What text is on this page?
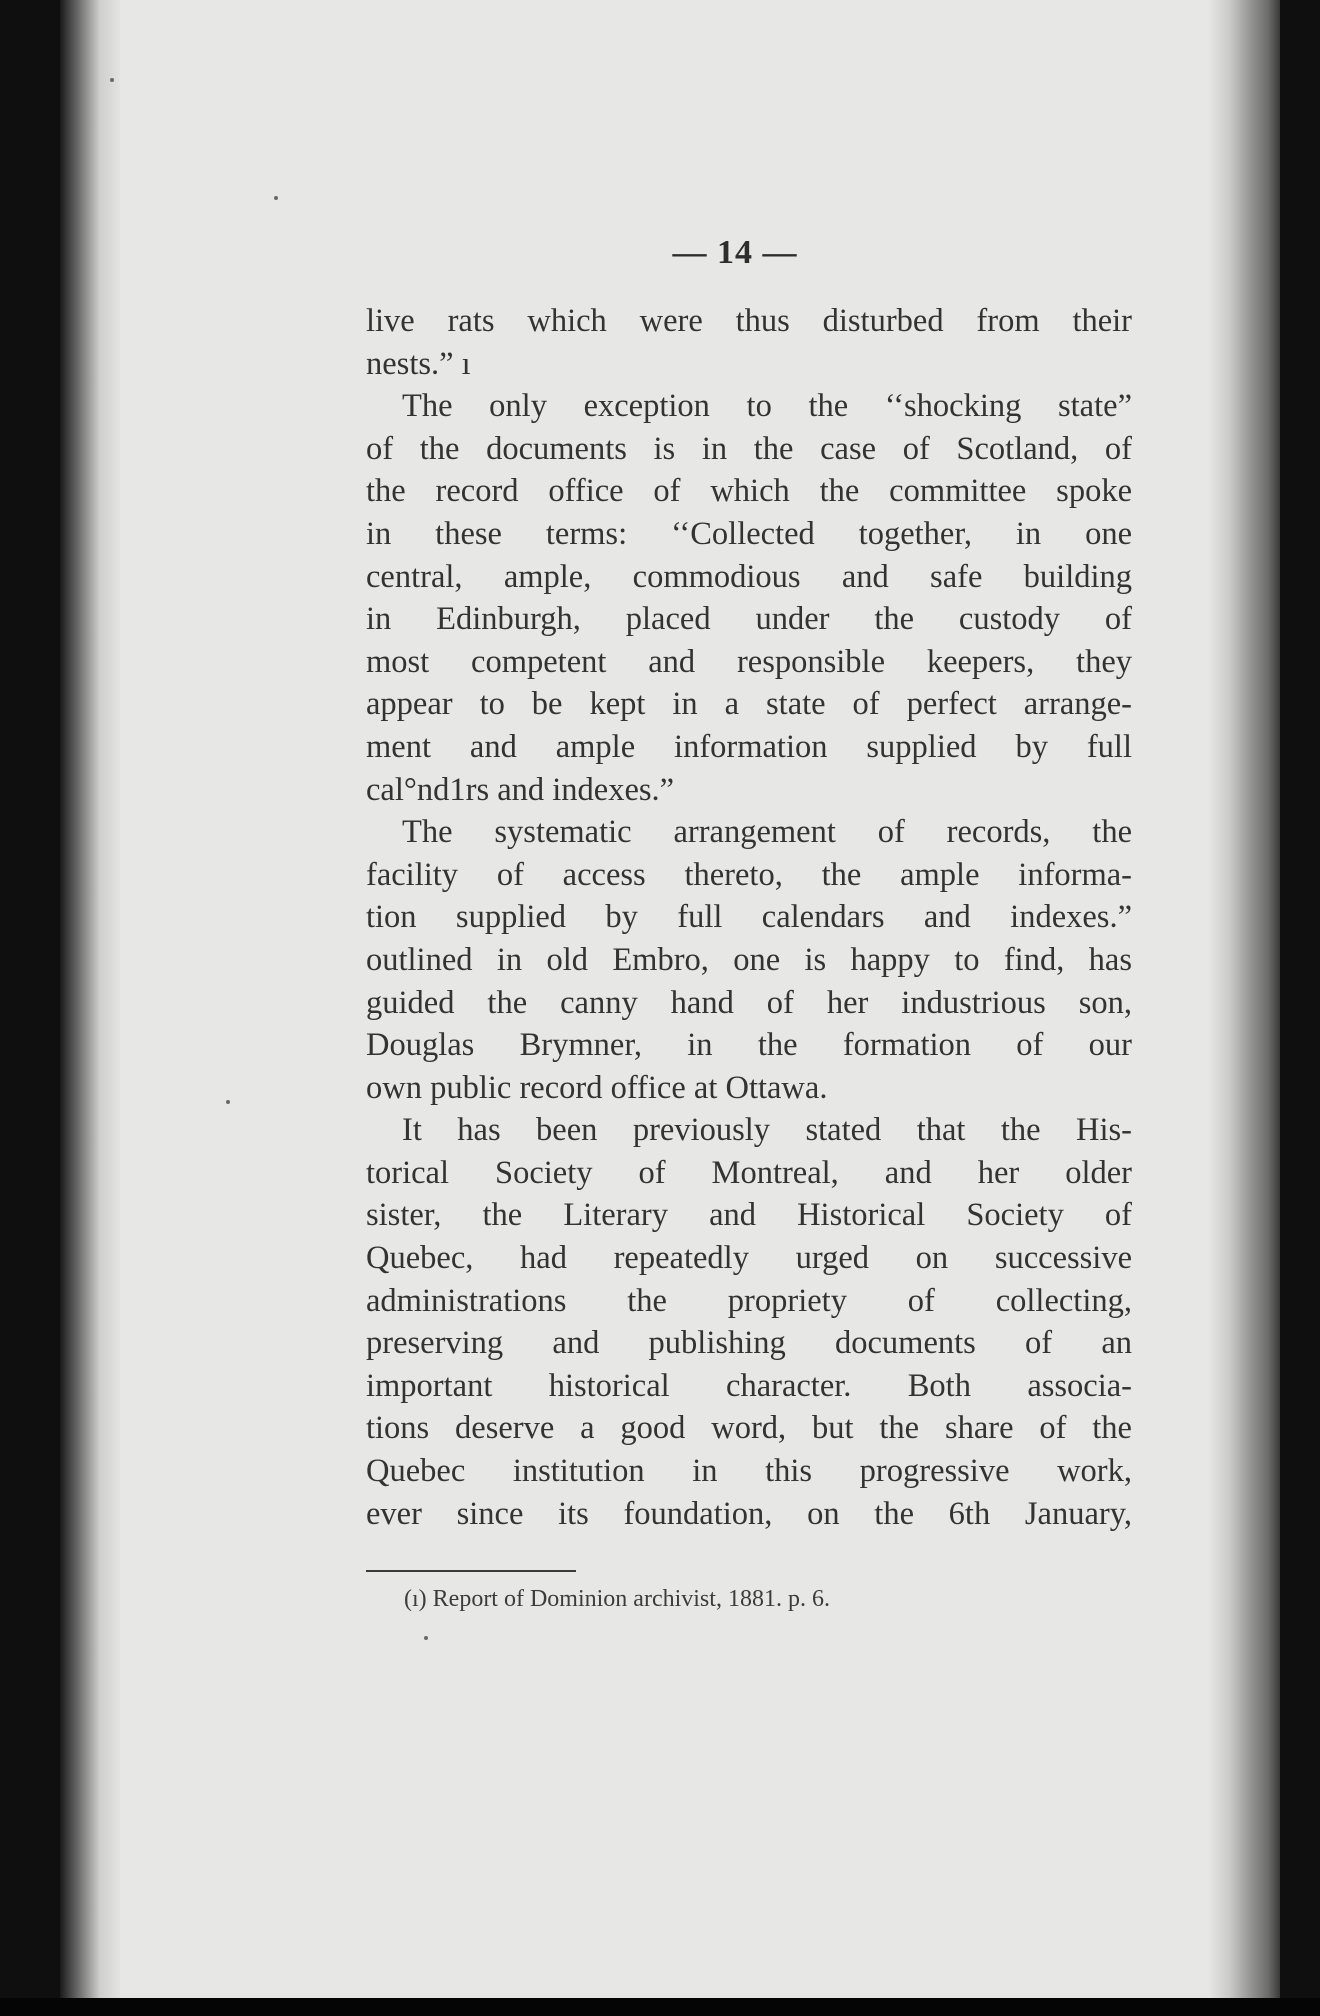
— 14 —
live rats which were thus disturbed from their
nests.” ı
The only exception to the ‘‘shocking state”
of the documents is in the case of Scotland, of
the record office of which the committee spoke
in these terms: ‘‘Collected together, in one
central, ample, commodious and safe building
in Edinburgh, placed under the custody of
most competent and responsible keepers, they
appear to be kept in a state of perfect arrange-
ment and ample information supplied by full
cal°nd1rs and indexes.”
The systematic arrangement of records, the
facility of access thereto, the ample informa-
tion supplied by full calendars and indexes.”
outlined in old Embro, one is happy to find, has
guided the canny hand of her industrious son,
Douglas Brymner, in the formation of our
own public record office at Ottawa.
It has been previously stated that the His-
torical Society of Montreal, and her older
sister, the Literary and Historical Society of
Quebec, had repeatedly urged on successive
administrations the propriety of collecting,
preserving and publishing documents of an
important historical character. Both associa-
tions deserve a good word, but the share of the
Quebec institution in this progressive work,
ever since its foundation, on the 6th January,
(ı) Report of Dominion archivist, 1881. p. 6.
